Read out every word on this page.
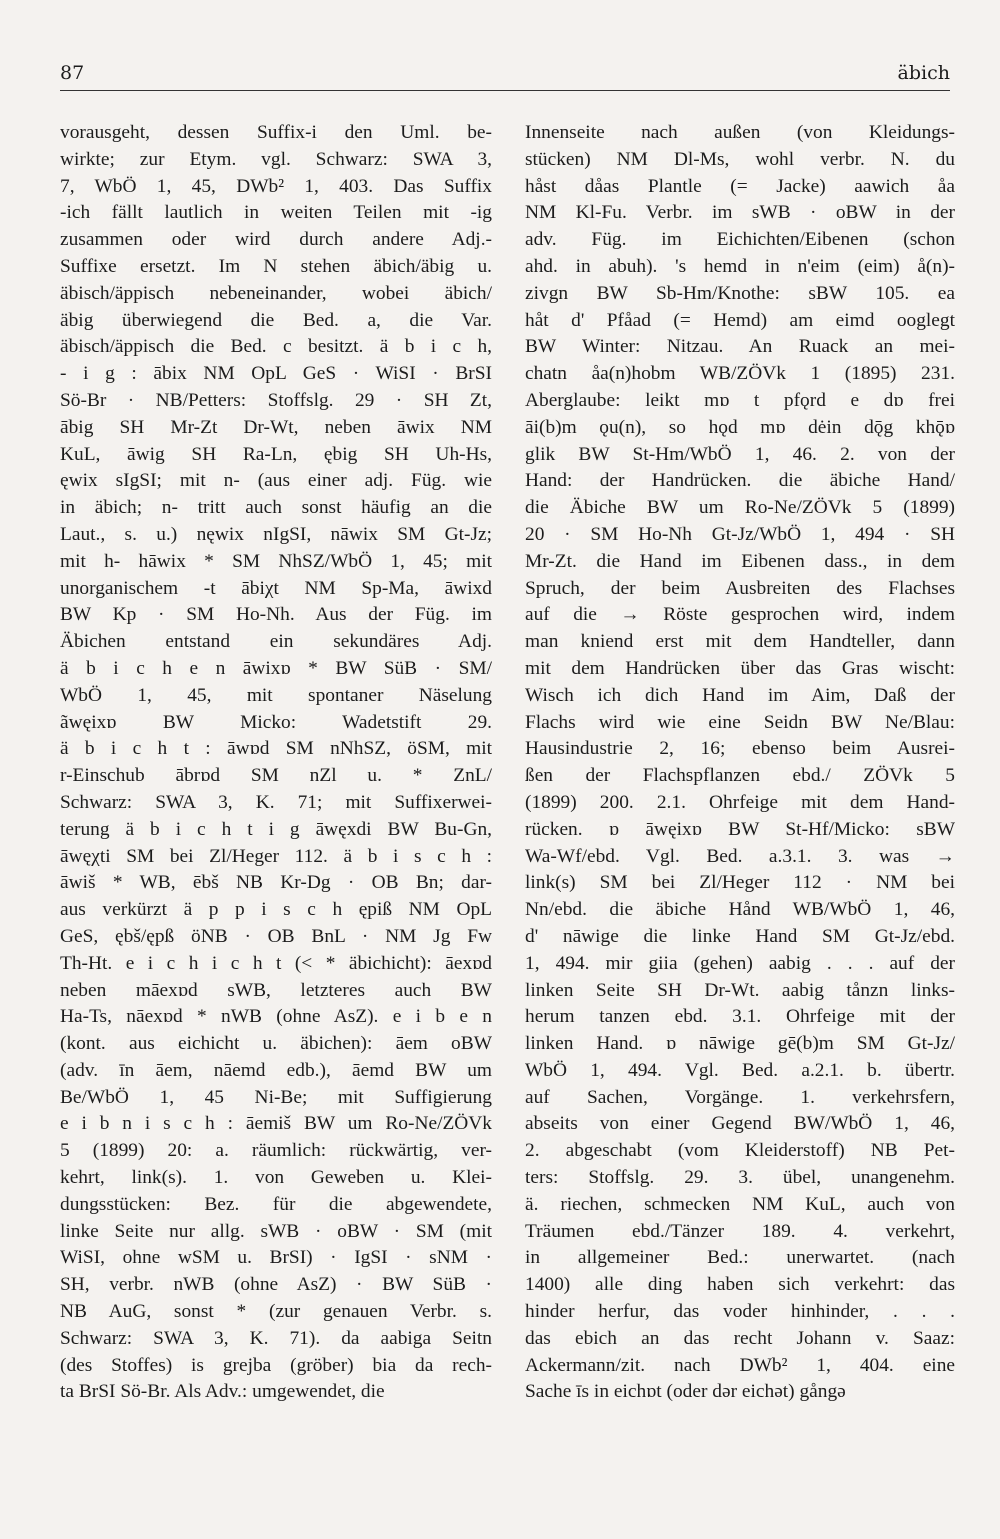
87	äbich
vorausgeht, dessen Suffix-i den Uml. be-
wirkte; zur Etym. vgl. Schwarz: SWA 3,
7, WbÖ 1, 45, DWb² 1, 403. Das Suffix
-ich fällt lautlich in weiten Teilen mit -ig
zusammen oder wird durch andere Adj.-
Suffixe ersetzt. Im N stehen äbich/äbig u.
äbisch/äppisch nebeneinander, wobei äbich/
äbig überwiegend die Bed. a, die Var.
äbisch/äppisch die Bed. c besitzt. ä b i c h,
- i g : ābix NM OpL GeS · WiSI · BrSI
Sö-Br · NB/Petters: Stoffslg. 29 · SH Zt,
ābig SH Mr-Zt Dr-Wt, neben āwix NM
KuL, āwig SH Ra-Ln, ębig SH Uh-Hs,
ęwix sIgSI; mit n- (aus einer adj. Füg. wie
in äbich; n- tritt auch sonst häufig an die
Laut., s. u.) nęwix nIgSI, nāwix SM Gt-Jz;
mit h- hāwix * SM NhSZ/WbÖ 1, 45; mit
unorganischem -t ābiχt NM Sp-Ma, āwixd
BW Kp · SM Ho-Nh. Aus der Füg. im
Äbichen entstand ein sekundäres Adj.
ä b i c h e n āwixɒ * BW SüB · SM/
WbÖ 1, 45, mit spontaner Näselung
ãwęixɒ BW Micko: Wadetstift 29.
ä b i c h t : āwɒd SM nNhSZ, öSM, mit
r-Einschub ābrɒd SM nZl u. * ZnL/
Schwarz: SWA 3, K. 71; mit Suffixerwei-
terung ä b i c h t i g āwęxdi BW Bu-Gn,
āwęχti SM bei Zl/Heger 112. ä b i s c h :
āwiš * WB, ēbš NB Kr-Dg · OB Bn; dar-
aus verkürzt ä p p i s c h ępiß NM OpL
GeS, ębš/ępß öNB · OB BnL · NM Jg Fw
Th-Ht. e i c h i c h t (< * äbichicht): āexɒd
neben māexɒd sWB, letzteres auch BW
Ha-Ts, nāexɒd * nWB (ohne AsZ). e i b e n
(kont. aus eichicht u. äbichen): āem oBW
(adv. īn āem, nāemd edb.), āemd BW um
Be/WbÖ 1, 45 Ni-Be; mit Suffigierung
e i b n i s c h : āemiš BW um Ro-Ne/ZÖVk
5 (1899) 20: a. räumlich: rückwärtig, ver-
kehrt, link(s). 1. von Geweben u. Klei-
dungsstücken: Bez. für die abgewendete,
linke Seite nur allg. sWB · oBW · SM (mit
WiSI, ohne wSM u. BrSI) · IgSI · sNM ·
SH, verbr. nWB (ohne AsZ) · BW SüB ·
NB AuG, sonst * (zur genauen Verbr. s.
Schwarz: SWA 3, K. 71). da aabiga Seitn
(des Stoffes) is grejba (gröber) bia da rech-
ta BrSI Sö-Br. Als Adv.: umgewendet, die
Innenseite nach außen (von Kleidungs-
stücken) NM Dl-Ms, wohl verbr. N. du
håst dåas Plantle (= Jacke) aawich åa
NM Kl-Fu. Verbr. im sWB · oBW in der
adv. Füg. im Eichichten/Eibenen (schon
ahd. in abuh). 's hemd in n'eim (eim) å(n)-
zivgn BW Sb-Hm/Knothe: sBW 105. ea
håt d' Pfåad (= Hemd) am eimd ooglegt
BW Winter: Nitzau. An Ruack an mei-
chatn åa(n)hobm WB/ZÖVk 1 (1895) 231.
Aberglaube: leikt mɒ t pfǫrd e dɒ frei
āi(b)m ǫu(n), so hǫd mɒ dėin dǭg khǭɒ
glik BW St-Hm/WbÖ 1, 46. 2. von der
Hand: der Handrücken. die äbiche Hand/
die Äbiche BW um Ro-Ne/ZÖVk 5 (1899)
20 · SM Ho-Nh Gt-Jz/WbÖ 1, 494 · SH
Mr-Zt. die Hand im Eibenen dass., in dem
Spruch, der beim Ausbreiten des Flachses
auf die → Röste gesprochen wird, indem
man kniend erst mit dem Handteller, dann
mit dem Handrücken über das Gras wischt:
Wisch ich dich Hand im Aim, Daß der
Flachs wird wie eine Seidn BW Ne/Blau:
Hausindustrie 2, 16; ebenso beim Ausrei-
ßen der Flachspflanzen ebd./ ZÖVk 5
(1899) 200. 2.1. Ohrfeige mit dem Hand-
rücken. ɒ āwęixɒ BW St-Hf/Micko: sBW
Wa-Wf/ebd. Vgl. Bed. a.3.1. 3. was →
link(s) SM bei Zl/Heger 112 · NM bei
Nn/ebd. die äbiche Hånd WB/WbÖ 1, 46,
d' nāwige die linke Hand SM Gt-Jz/ebd.
1, 494. mir giia (gehen) aabig . . . auf der
linken Seite SH Dr-Wt. aabig tånzn links-
herum tanzen ebd. 3.1. Ohrfeige mit der
linken Hand. ɒ nāwige gē(b)m SM Gt-Jz/
WbÖ 1, 494. Vgl. Bed. a.2.1. b. übertr.
auf Sachen, Vorgänge. 1. verkehrsfern,
abseits von einer Gegend BW/WbÖ 1, 46,
2. abgeschabt (vom Kleiderstoff) NB Pet-
ters: Stoffslg. 29. 3. übel, unangenehm.
ä. riechen, schmecken NM KuL, auch von
Träumen ebd./Tänzer 189. 4. verkehrt,
in allgemeiner Bed.: unerwartet. (nach
1400) alle ding haben sich verkehrt: das
hinder herfur, das voder hinhinder, . . .
das ebich an das recht Johann v. Saaz:
Ackermann/zit. nach DWb² 1, 404. eine
Sache īs in eichɒt (oder dər eichət) gångə
